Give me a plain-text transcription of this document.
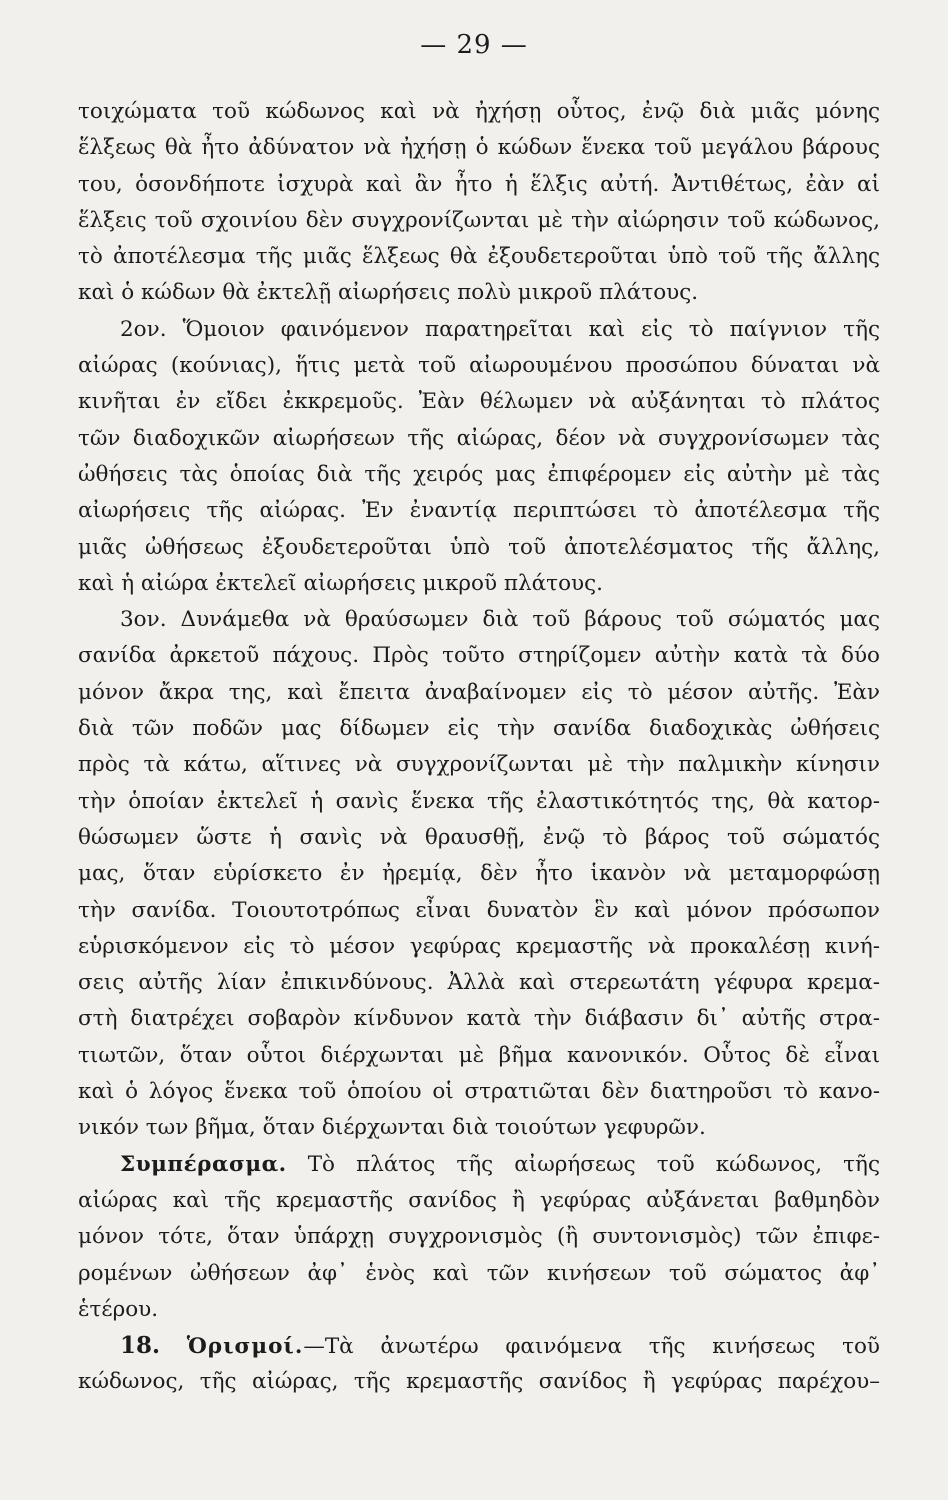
— 29 —
τοιχώματα τοῦ κώδωνος καὶ νὰ ἠχήσῃ οὗτος, ἐνῷ διὰ μιᾶς μόνης
ἕλξεως θὰ ἦτο ἀδύνατον νὰ ἠχήσῃ ὁ κώδων ἕνεκα τοῦ μεγάλου βάρους
του, ὁσονδήποτε ἰσχυρὰ καὶ ἂν ἦτο ἡ ἕλξις αὐτή. Ἀντιθέτως, ἐὰν αἱ
ἕλξεις τοῦ σχοινίου δὲν συγχρονίζωνται μὲ τὴν αἰώρησιν τοῦ κώδωνος,
τὸ ἀποτέλεσμα τῆς μιᾶς ἕλξεως θὰ ἐξουδετεροῦται ὑπὸ τοῦ τῆς ἄλλης
καὶ ὁ κώδων θὰ ἐκτελῇ αἰωρήσεις πολὺ μικροῦ πλάτους.
2ον. Ὅμοιον φαινόμενον παρατηρεῖται καὶ εἰς τὸ παίγνιον τῆς
αἰώρας (κούνιας), ἥτις μετὰ τοῦ αἰωρουμένου προσώπου δύναται νὰ
κινῆται ἐν εἴδει ἐκκρεμοῦς. Ἐὰν θέλωμεν νὰ αὐξάνηται τὸ πλάτος
τῶν διαδοχικῶν αἰωρήσεων τῆς αἰώρας, δέον νὰ συγχρονίσωμεν τὰς
ὠθήσεις τὰς ὁποίας διὰ τῆς χειρός μας ἐπιφέρομεν εἰς αὐτὴν μὲ τὰς
αἰωρήσεις τῆς αἰώρας. Ἐν ἐναντίᾳ περιπτώσει τὸ ἀποτέλεσμα τῆς
μιᾶς ὠθήσεως ἐξουδετεροῦται ὑπὸ τοῦ ἀποτελέσματος τῆς ἄλλης,
καὶ ἡ αἰώρα ἐκτελεῖ αἰωρήσεις μικροῦ πλάτους.
3ον. Δυνάμεθα νὰ θραύσωμεν διὰ τοῦ βάρους τοῦ σώματός μας
σανίδα ἀρκετοῦ πάχους. Πρὸς τοῦτο στηρίζομεν αὐτὴν κατὰ τὰ δύο
μόνον ἄκρα της, καὶ ἔπειτα ἀναβαίνομεν εἰς τὸ μέσον αὐτῆς. Ἐὰν
διὰ τῶν ποδῶν μας δίδωμεν εἰς τὴν σανίδα διαδοχικὰς ὠθήσεις
πρὸς τὰ κάτω, αἵτινες νὰ συγχρονίζωνται μὲ τὴν παλμικὴν κίνησιν
τὴν ὁποίαν ἐκτελεῖ ἡ σανὶς ἕνεκα τῆς ἐλαστικότητός της, θὰ κατορ-
θώσωμεν ὥστε ἡ σανὶς νὰ θραυσθῇ, ἐνῷ τὸ βάρος τοῦ σώματός
μας, ὅταν εὑρίσκετο ἐν ἠρεμίᾳ, δὲν ἦτο ἱκανὸν νὰ μεταμορφώσῃ
τὴν σανίδα. Τοιουτοτρόπως εἶναι δυνατὸν ἓν καὶ μόνον πρόσωπον
εὑρισκόμενον εἰς τὸ μέσον γεφύρας κρεμαστῆς νὰ προκαλέσῃ κινή-
σεις αὐτῆς λίαν ἐπικινδύνους. Ἀλλὰ καὶ στερεωτάτη γέφυρα κρεμα-
στὴ διατρέχει σοβαρὸν κίνδυνον κατὰ τὴν διάβασιν δι᾽ αὐτῆς στρα-
τιωτῶν, ὅταν οὗτοι διέρχωνται μὲ βῆμα κανονικόν. Οὗτος δὲ εἶναι
καὶ ὁ λόγος ἕνεκα τοῦ ὁποίου οἱ στρατιῶται δὲν διατηροῦσι τὸ κανο-
νικόν των βῆμα, ὅταν διέρχωνται διὰ τοιούτων γεφυρῶν.
Συμπέρασμα. Τὸ πλάτος τῆς αἰωρήσεως τοῦ κώδωνος, τῆς
αἰώρας καὶ τῆς κρεμαστῆς σανίδος ἢ γεφύρας αὐξάνεται βαθμηδὸν
μόνον τότε, ὅταν ὑπάρχῃ συγχρονισμὸς (ἢ συντονισμὸς) τῶν ἐπιφε-
ρομένων ὠθήσεων ἀφ᾽ ἑνὸς καὶ τῶν κινήσεων τοῦ σώματος ἀφ᾽
ἑτέρου.
18. Ὁρισμοί.—Τὰ ἀνωτέρω φαινόμενα τῆς κινήσεως τοῦ
κώδωνος, τῆς αἰώρας, τῆς κρεμαστῆς σανίδος ἢ γεφύρας παρέχου–
